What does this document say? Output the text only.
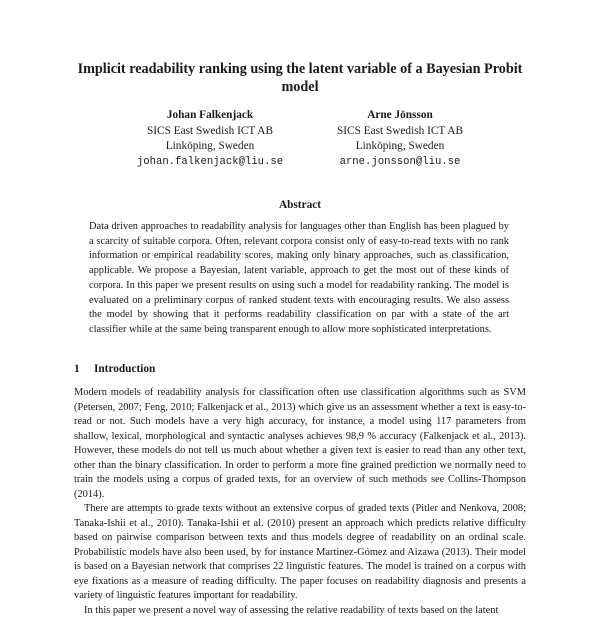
Implicit readability ranking using the latent variable of a Bayesian Probit model
Johan Falkenjack
SICS East Swedish ICT AB
Linköping, Sweden
johan.falkenjack@liu.se
Arne Jönsson
SICS East Swedish ICT AB
Linköping, Sweden
arne.jonsson@liu.se
Abstract
Data driven approaches to readability analysis for languages other than English has been plagued by a scarcity of suitable corpora. Often, relevant corpora consist only of easy-to-read texts with no rank information or empirical readability scores, making only binary approaches, such as classification, applicable. We propose a Bayesian, latent variable, approach to get the most out of these kinds of corpora. In this paper we present results on using such a model for readability ranking. The model is evaluated on a preliminary corpus of ranked student texts with encouraging results. We also assess the model by showing that it performs readability classification on par with a state of the art classifier while at the same being transparent enough to allow more sophisticated interpretations.
1 Introduction

Modern models of readability analysis for classification often use classification algorithms such as SVM (Petersen, 2007; Feng, 2010; Falkenjack et al., 2013) which give us an assessment whether a text is easy-to-read or not. Such models have a very high accuracy, for instance, a model using 117 parameters from shallow, lexical, morphological and syntactic analyses achieves 98,9 % accuracy (Falkenjack et al., 2013). However, these models do not tell us much about whether a given text is easier to read than any other text, other than the binary classification. In order to perform a more fine grained prediction we normally need to train the models using a corpus of graded texts, for an overview of such methods see Collins-Thompson (2014).

There are attempts to grade texts without an extensive corpus of graded texts (Pitler and Nenkova, 2008; Tanaka-Ishii et al., 2010). Tanaka-Ishii et al. (2010) present an approach which predicts relative difficulty based on pairwise comparison between texts and thus models degree of readability on an ordinal scale. Probabilistic models have also been used, by for instance Martinez-Gómez and Aizawa (2013). Their model is based on a Bayesian network that comprises 22 linguistic features. The model is trained on a corpus with eye fixations as a measure of reading difficulty. The paper focuses on readability diagnosis and presents a variety of linguistic features important for readability.

In this paper we present a novel way of assessing the relative readability of texts based on the latent
